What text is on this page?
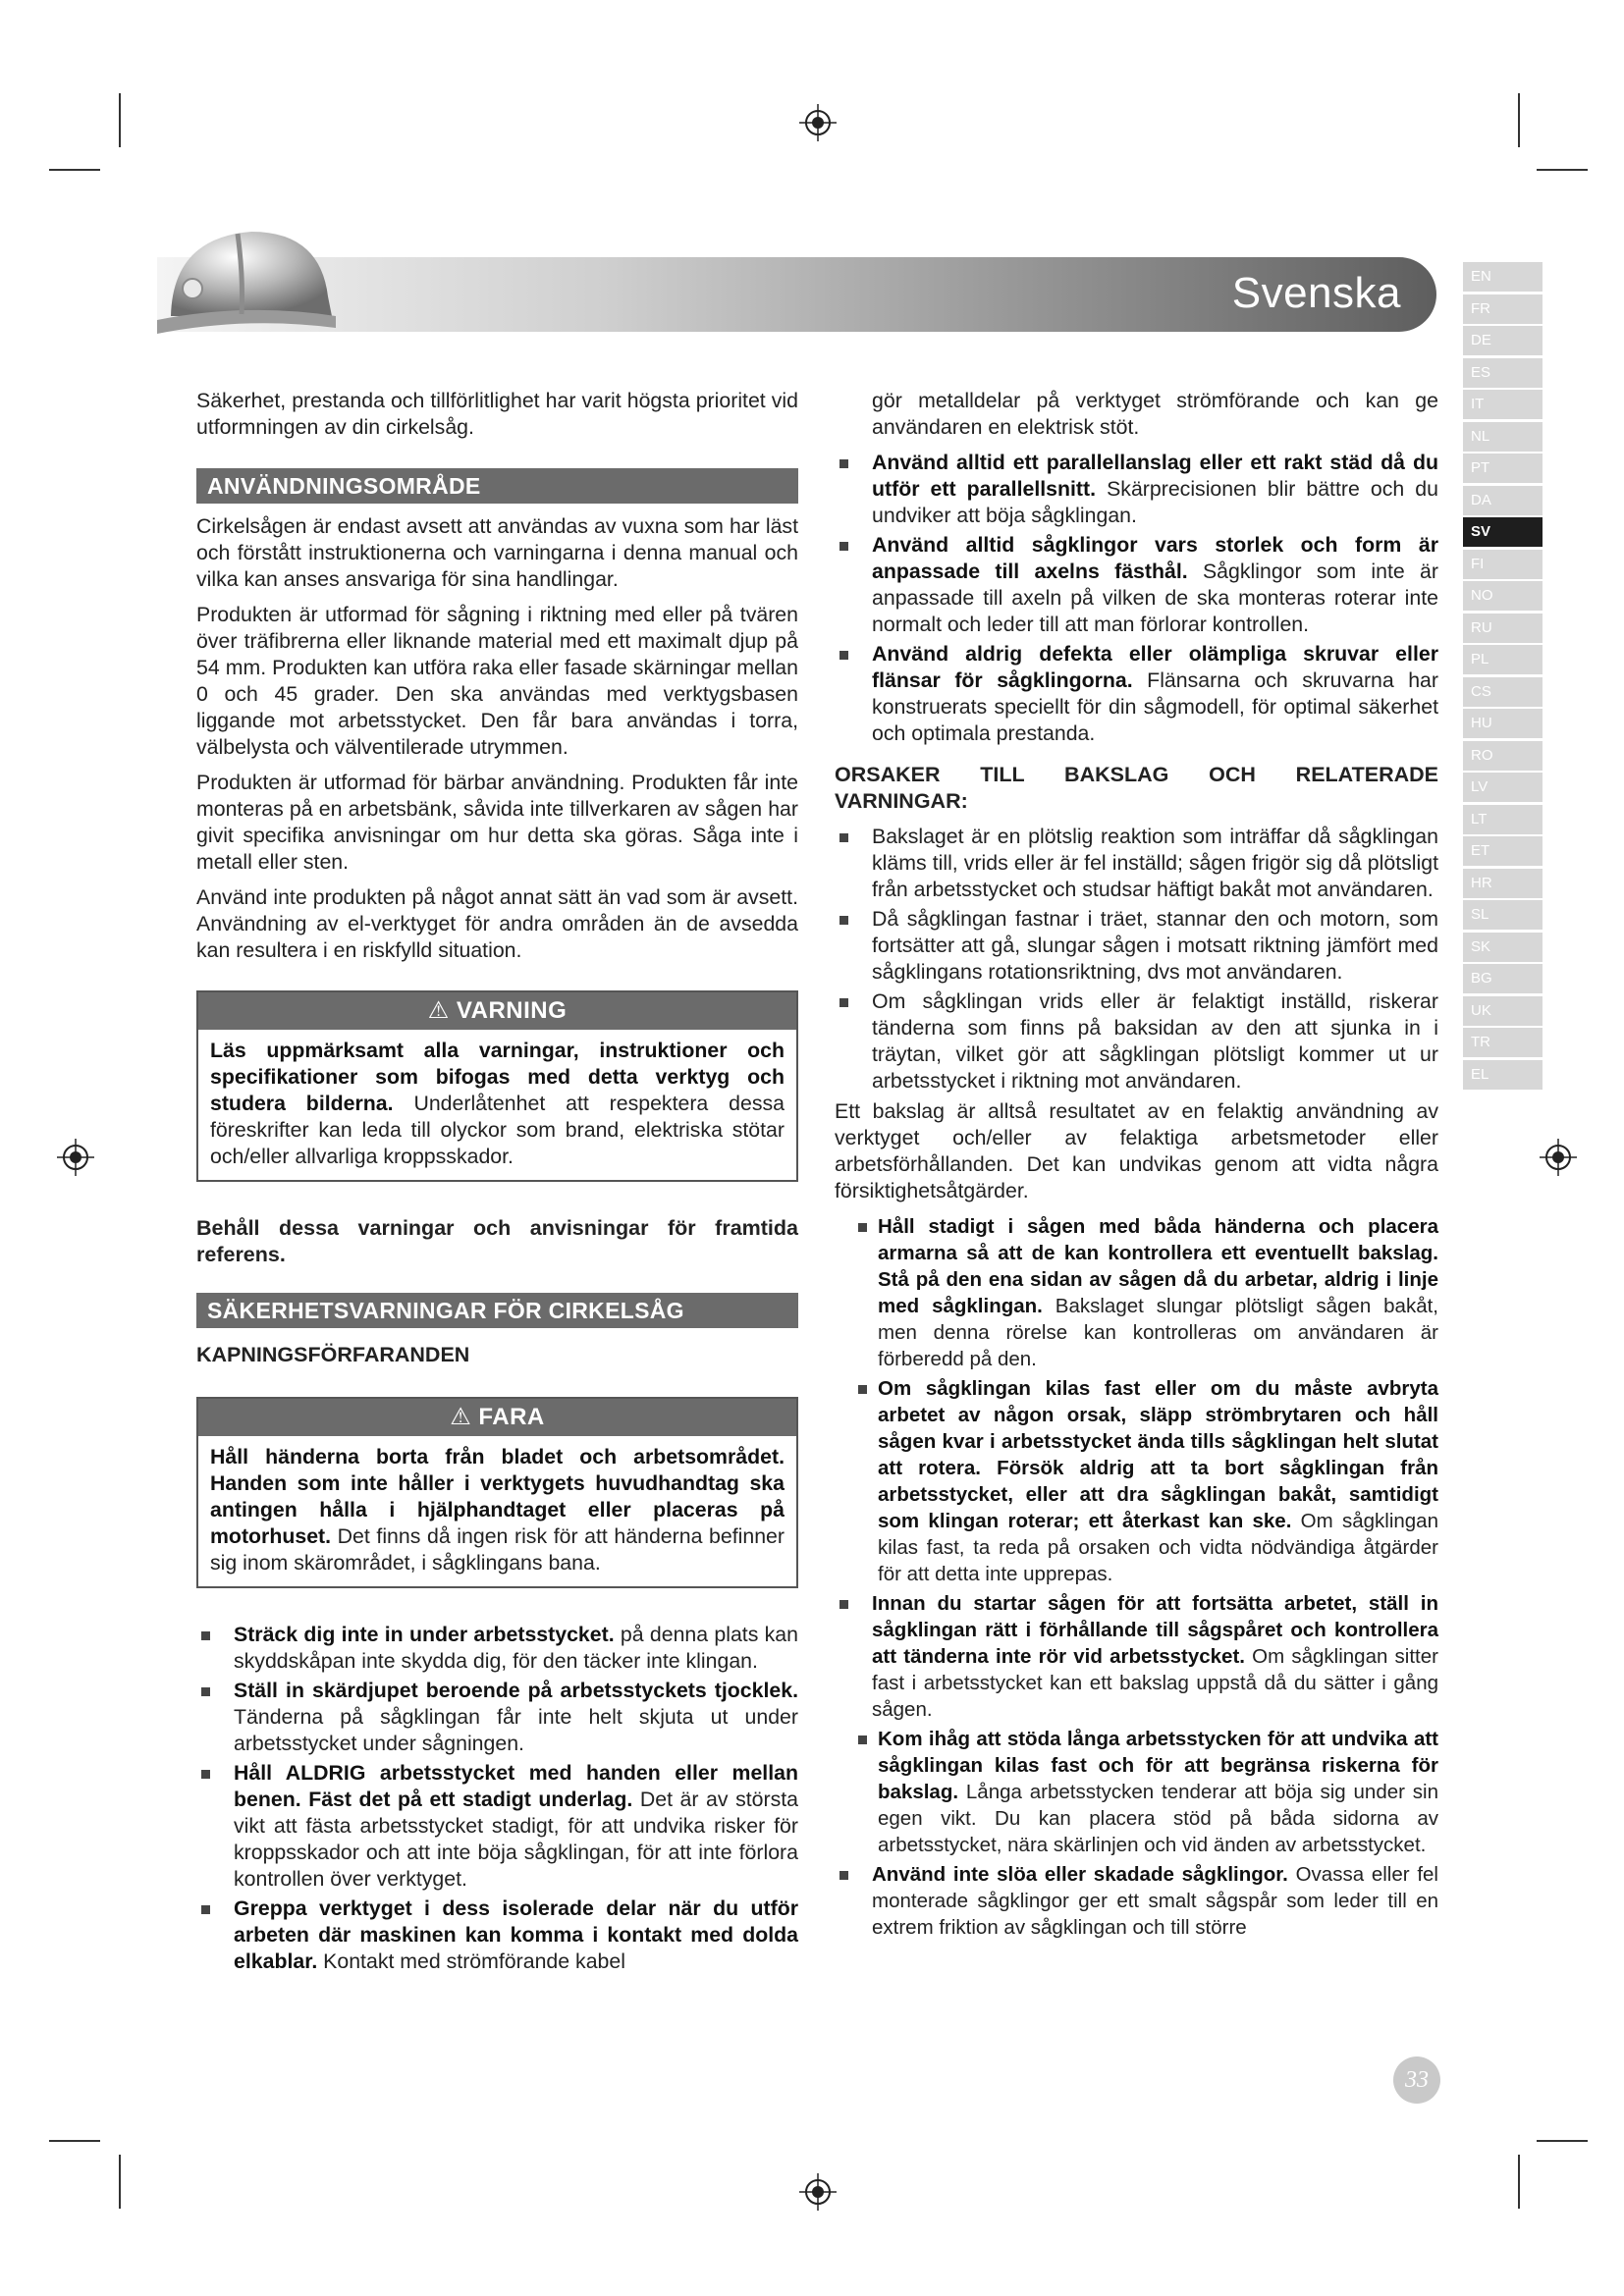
Svenska	EN
FR
DE
ES
IT
NL
PT
DA
SV
FI
NO
RU
PL
CS
HU
RO
LV
LT
ET
HR
SL
SK
BG
UK
TR
EL

Säkerhet, prestanda och tillförlitlighet har varit högsta prioritet vid utformningen av din cirkelsåg.

ANVÄNDNINGSOMRÅDE

Cirkelsågen är endast avsett att användas av vuxna som har läst och förstått instruktionerna och varningarna i denna manual och vilka kan anses ansvariga för sina handlingar.

Produkten är utformad för sågning i riktning med eller på tvären över träfibrerna eller liknande material med ett maximalt djup på 54 mm. Produkten kan utföra raka eller fasade skärningar mellan 0 och 45 grader. Den ska användas med verktygsbasen liggande mot arbetsstycket. Den får bara användas i torra, välbelysta och välventilerade utrymmen.

Produkten är utformad för bärbar användning. Produkten får inte monteras på en arbetsbänk, såvida inte tillverkaren av sågen har givit specifika anvisningar om hur detta ska göras. Såga inte i metall eller sten.

Använd inte produkten på något annat sätt än vad som är avsett. Användning av el-verktyget för andra områden än de avsedda kan resultera i en riskfylld situation.

⚠ VARNING
Läs uppmärksamt alla varningar, instruktioner och specifikationer som bifogas med detta verktyg och studera bilderna. Underlåtenhet att respektera dessa föreskrifter kan leda till olyckor som brand, elektriska stötar och/eller allvarliga kroppsskador.

Behåll dessa varningar och anvisningar för framtida referens.

SÄKERHETSVARNINGAR FÖR CIRKELSÅG

KAPNINGSFÖRFARANDEN

⚠ FARA
Håll händerna borta från bladet och arbetsområdet. Handen som inte håller i verktygets huvudhandtag ska antingen hålla i hjälphandtaget eller placeras på motorhuset. Det finns då ingen risk för att händerna befinner sig inom skärområdet, i sågklingans bana.
Sträck dig inte in under arbetsstycket. på denna plats kan skyddskåpan inte skydda dig, för den täcker inte klingan.
Ställ in skärdjupet beroende på arbetsstyckets tjocklek. Tänderna på sågklingan får inte helt skjuta ut under arbetsstycket under sågningen.
Håll ALDRIG arbetsstycket med handen eller mellan benen. Fäst det på ett stadigt underlag. Det är av största vikt att fästa arbetsstycket stadigt, för att undvika risker för kroppsskador och att inte böja sågklingan, för att inte förlora kontrollen över verktyget.
Greppa verktyget i dess isolerade delar när du utför arbeten där maskinen kan komma i kontakt med dolda elkablar. Kontakt med strömförande kabel

gör metalldelar på verktyget strömförande och kan ge användaren en elektrisk stöt.

Använd alltid ett parallellanslag eller ett rakt städ då du utför ett parallellsnitt. Skärprecisionen blir bättre och du undviker att böja sågklingan.
Använd alltid sågklingor vars storlek och form är anpassade till axelns fästhål. Sågklingor som inte är anpassade till axeln på vilken de ska monteras roterar inte normalt och leder till att man förlorar kontrollen.
Använd aldrig defekta eller olämpliga skruvar eller flänsar för sågklingorna. Flänsarna och skruvarna har konstruerats speciellt för din sågmodell, för optimal säkerhet och optimala prestanda.

ORSAKER TILL BAKSLAG OCH RELATERADE VARNINGAR:

Bakslaget är en plötslig reaktion som inträffar då sågklingan kläms till, vrids eller är fel inställd; sågen frigör sig då plötsligt från arbetsstycket och studsar häftigt bakåt mot användaren.
Då sågklingan fastnar i träet, stannar den och motorn, som fortsätter att gå, slungar sågen i motsatt riktning jämfört med sågklingans rotationsriktning, dvs mot användaren.
Om sågklingan vrids eller är felaktigt inställd, riskerar tänderna som finns på baksidan av den att sjunka in i träytan, vilket gör att sågklingan plötsligt kommer ut ur arbetsstycket i riktning mot användaren.

Ett bakslag är alltså resultatet av en felaktig användning av verktyget och/eller av felaktiga arbetsmetoder eller arbetsförhållanden. Det kan undvikas genom att vidta några försiktighetsåtgärder.

Håll stadigt i sågen med båda händerna och placera armarna så att de kan kontrollera ett eventuellt bakslag. Stå på den ena sidan av sågen då du arbetar, aldrig i linje med sågklingan. Bakslaget slungar plötsligt sågen bakåt, men denna rörelse kan kontrolleras om användaren är förberedd på den.
Om sågklingan kilas fast eller om du måste avbryta arbetet av någon orsak, släpp strömbrytaren och håll sågen kvar i arbetsstycket ända tills sågklingan helt slutat att rotera. Försök aldrig att ta bort sågklingan från arbetsstycket, eller att dra sågklingan bakåt, samtidigt som klingan roterar; ett återkast kan ske. Om sågklingan kilas fast, ta reda på orsaken och vidta nödvändiga åtgärder för att detta inte upprepas.
Innan du startar sågen för att fortsätta arbetet, ställ in sågklingan rätt i förhållande till sågspåret och kontrollera att tänderna inte rör vid arbetsstycket. Om sågklingan sitter fast i arbetsstycket kan ett bakslag uppstå då du sätter i gång sågen.
Kom ihåg att stöda långa arbetsstycken för att undvika att sågklingan kilas fast och för att begränsa riskerna för bakslag. Långa arbetsstycken tenderar att böja sig under sin egen vikt. Du kan placera stöd på båda sidorna av arbetsstycket, nära skärlinjen och vid änden av arbetsstycket.
Använd inte slöa eller skadade sågklingor. Ovassa eller fel monterade sågklingor ger ett smalt sågspår som leder till en extrem friktion av sågklingan och till större
33
